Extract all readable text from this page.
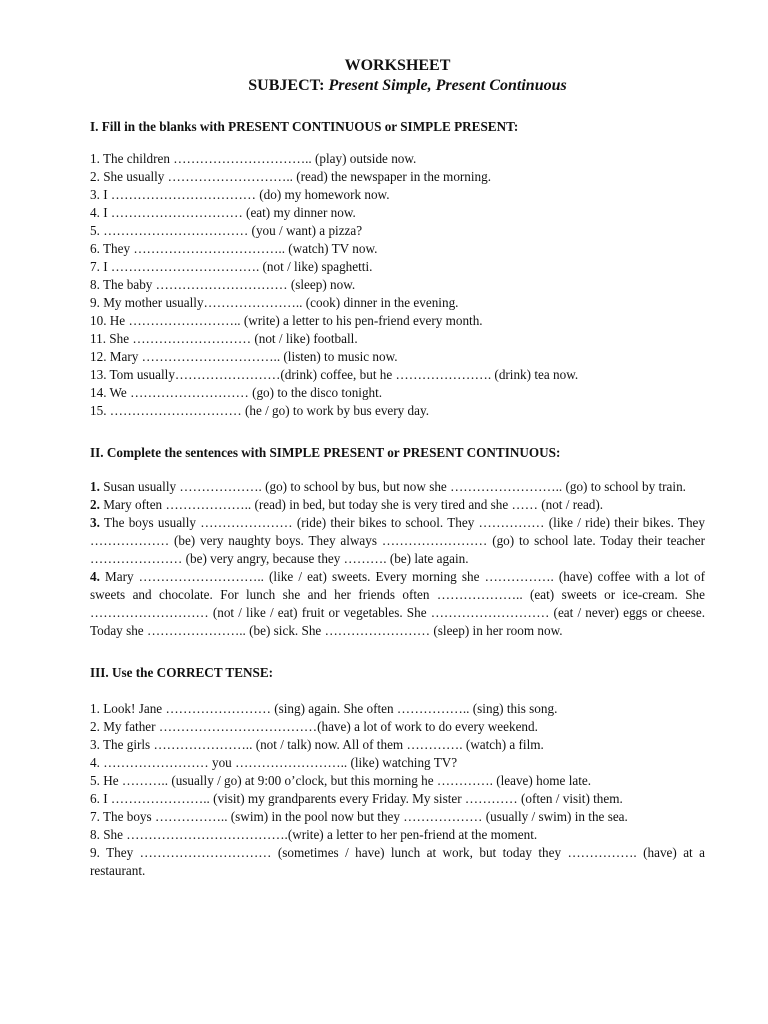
WORKSHEET
SUBJECT: Present Simple, Present Continuous
I. Fill in the blanks with PRESENT CONTINUOUS or SIMPLE PRESENT:
1. The children ………………………….. (play) outside now.
2. She usually ……………………….. (read) the newspaper in the morning.
3. I …………………………… (do) my homework now.
4. I ………………………… (eat) my dinner now.
5. …………………………… (you / want) a pizza?
6. They …………………………….. (watch) TV now.
7. I ……………………………. (not / like) spaghetti.
8. The baby ………………………… (sleep) now.
9. My mother usually………………….. (cook) dinner in the evening.
10. He …………………….. (write) a letter to his pen-friend every month.
11. She ……………………… (not / like) football.
12. Mary ………………………….. (listen) to music now.
13. Tom usually……………………(drink) coffee, but he …………………. (drink) tea now.
14. We ……………………… (go) to the disco tonight.
15. ………………………… (he / go) to work by bus every day.
II. Complete the sentences with SIMPLE PRESENT or PRESENT CONTINUOUS:
1. Susan usually ………………. (go) to school by bus, but now she …………………….. (go) to school by train.
2. Mary often ……………….. (read) in bed, but today she is very tired and she …… (not / read).
3. The boys usually ………………… (ride) their bikes to school. They …………… (like / ride) their bikes. They ……………… (be) very naughty boys. They always …………………… (go) to school late. Today their teacher ………………… (be) very angry, because they ………. (be) late again.
4. Mary ……………………….. (like / eat) sweets. Every morning she ……………. (have) coffee with a lot of sweets and chocolate. For lunch she and her friends often ……………….. (eat) sweets or ice-cream. She ……………………… (not / like / eat) fruit or vegetables. She ……………………… (eat / never) eggs or cheese. Today she ………………….. (be) sick. She …………………… (sleep) in her room now.
III. Use the CORRECT TENSE:
1. Look! Jane …………………… (sing) again. She often …………….. (sing) this song.
2. My father ………………………………(have) a lot of work to do every weekend.
3. The girls ………………….. (not / talk) now. All of them …………. (watch) a film.
4. …………………… you …………………….. (like) watching TV?
5. He ……….. (usually / go) at 9:00 o’clock, but this morning he …………. (leave) home late.
6. I ………………….. (visit) my grandparents every Friday. My sister ………… (often / visit) them.
7. The boys …………….. (swim) in the pool now but they ……………… (usually / swim) in the sea.
8. She ……………………………….(write) a letter to her pen-friend at the moment.
9. They ………………………… (sometimes / have) lunch at work, but today they ……………. (have) at a restaurant.
